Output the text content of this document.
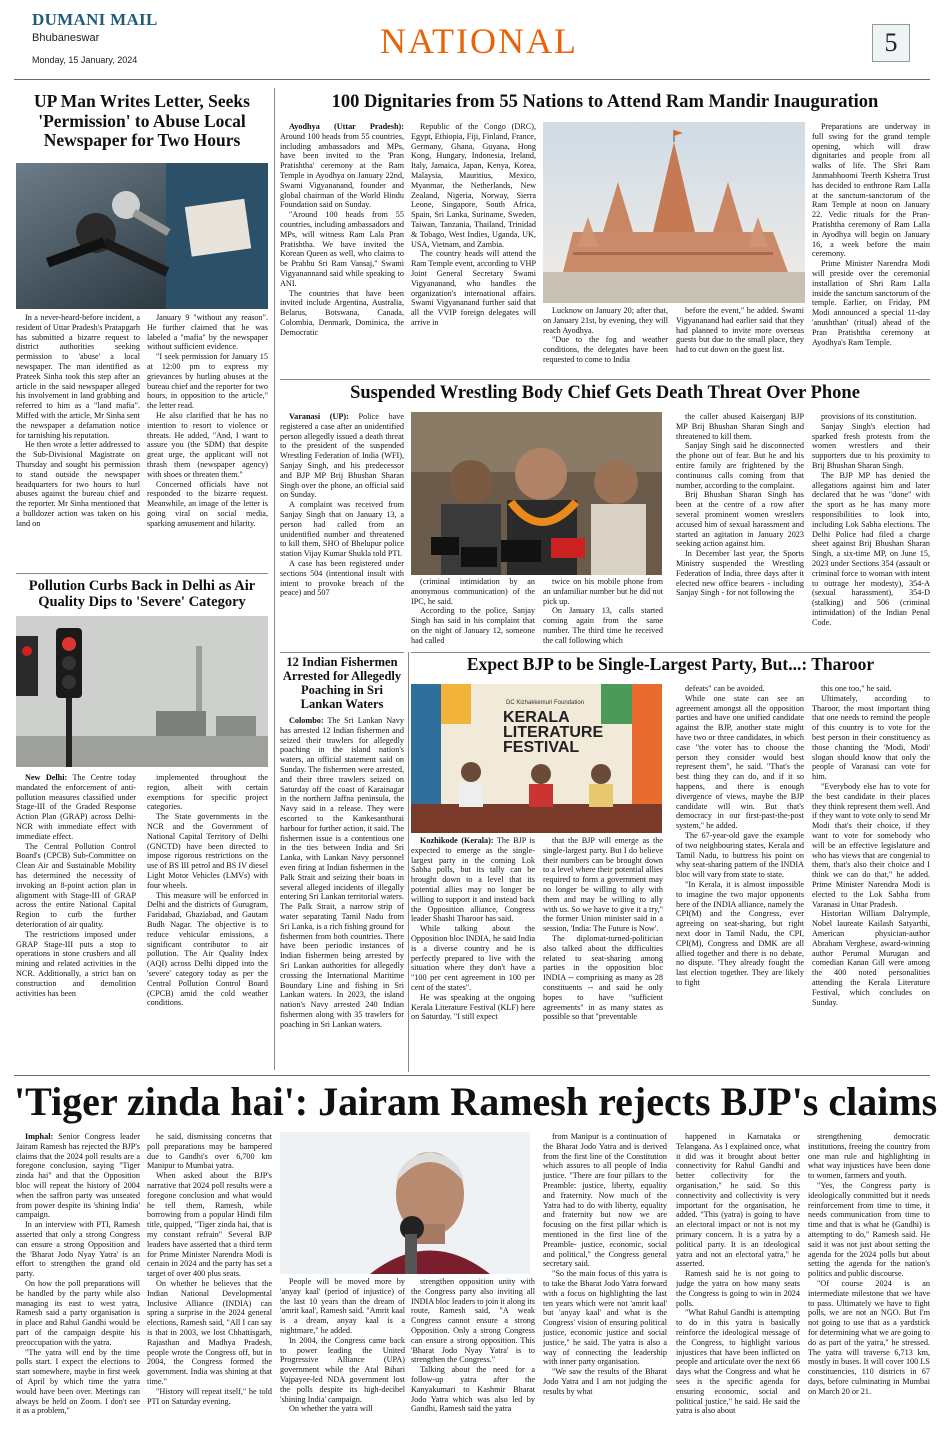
DUMANI MAIL
Bhubaneswar
Monday, 15 January, 2024	NATIONAL	5
UP Man Writes Letter, Seeks 'Permission' to Abuse Local Newspaper for Two Hours

In a never-heard-before incident, a resident of Uttar Pradesh's Pratapgarh has submitted a bizarre request to district authorities seeking permission to 'abuse' a local newspaper. The man identified as Prateek Sinha took this step after an article in the said newspaper alleged his involvement in land grabbing and referred to him as a "land mafia". Miffed with the article, Mr Sinha sent the newspaper a defamation notice for tarnishing his reputation.

He then wrote a letter addressed to the Sub-Divisional Magistrate on Thursday and sought his permission to stand outside the newspaper headquarters for two hours to hurl abuses against the bureau chief and the reporter. Mr Sinha mentioned that a bulldozer action was taken on his land on

January 9 "without any reason". He further claimed that he was labeled a "mafia" by the newspaper without sufficient evidence.

"I seek permission for January 15 at 12:00 pm to express my grievances by hurling abuses at the bureau chief and the reporter for two hours, in opposition to the article," the letter read.

He also clarified that he has no intention to resort to violence or threats. He added, "And, I want to assure you (the SDM) that despite great urge, the applicant will not thrash them (newspaper agency) with shoes or threaten them."

Concerned officials have not responded to the bizarre request. Meanwhile, an image of the letter is going viral on social media, sparking amusement and hilarity.

Pollution Curbs Back in Delhi as Air Quality Dips to 'Severe' Category

New Delhi: The Centre today mandated the enforcement of anti-pollution measures classified under Stage-III of the Graded Response Action Plan (GRAP) across Delhi-NCR with immediate effect with immediate effect.

The Central Pollution Control Board's (CPCB) Sub-Committee on Clean Air and Sustainable Mobility has determined the necessity of invoking an 8-point action plan in alignment with Stage-III of GRAP across the entire National Capital Region to curb the further deterioration of air quality.

The restrictions imposed under GRAP Stage-III puts a stop to operations in stone crushers and all mining and related activities in the NCR. Additionally, a strict ban on construction and demolition activities has been

implemented throughout the region, albeit with certain exemptions for specific project categories.

The State governments in the NCR and the Government of National Capital Territory of Delhi (GNCTD) have been directed to impose rigorous restrictions on the use of BS III petrol and BS IV diesel Light Motor Vehicles (LMVs) with four wheels.

This measure will be enforced in Delhi and the districts of Gurugram, Faridabad, Ghaziabad, and Gautam Budh Nagar. The objective is to reduce vehicular emissions, a significant contributor to air pollution. The Air Quality Index (AQI) across Delhi dipped into the 'severe' category today as per the Central Pollution Control Board (CPCB) amid the cold weather conditions.

100 Dignitaries from 55 Nations to Attend Ram Mandir Inauguration

Ayodhya (Uttar Pradesh): Around 100 heads from 55 countries, including ambassadors and MPs, have been invited to the 'Pran Pratishtha' ceremony at the Ram Temple in Ayodhya on January 22nd, Swami Vigyananand, founder and global chairman of the World Hindu Foundation said on Sunday.

"Around 100 heads from 55 countries, including ambassadors and MPs, will witness Ram Lala Pran Pratishtha. We have invited the Korean Queen as well, who claims to be Prabhu Sri Ram Vansaj," Swami Vigyanannand said while speaking to ANI.

The countries that have been invited include Argentina, Australia, Belarus, Botswana, Canada, Colombia, Denmark, Dominica, the Democratic

Republic of the Congo (DRC), Egypt, Ethiopia, Fiji, Finland, France, Germany, Ghana, Guyana, Hong Kong, Hungary, Indonesia, Ireland, Italy, Jamaica, Japan, Kenya, Korea, Malaysia, Mauritius, Mexico, Myanmar, the Netherlands, New Zealand, Nigeria, Norway, Sierra Leone, Singapore, South Africa, Spain, Sri Lanka, Suriname, Sweden, Taiwan, Tanzania, Thailand, Trinidad & Tobago, West Indies, Uganda, UK, USA, Vietnam, and Zambia.

The country heads will attend the Ram Temple event, according to VHP Joint General Secretary Swami Vigyananand, who handles the organization's international affairs. Swami Vigyananand further said that all the VVIP foreign delegates will arrive in

Lucknow on January 20; after that, on January 21st, by evening, they will reach Ayodhya.

"Due to the fog and weather conditions, the delegates have been requested to come to India

before the event," he added. Swami Vigyananand had earlier said that they had planned to invite more overseas guests but due to the small place, they had to cut down on the guest list.

Preparations are underway in full swing for the grand temple opening, which will draw dignitaries and people from all walks of life. The Shri Ram Janmabhoomi Teerth Kshetra Trust has decided to enthrone Ram Lalla at the sanctum-sanctorum of the Ram Temple at noon on January 22. Vedic rituals for the Pran-Pratishtha ceremony of Ram Lalla in Ayodhya will begin on January 16, a week before the main ceremony.

Prime Minister Narendra Modi will preside over the ceremonial installation of Shri Ram Lalla inside the sanctum sanctorum of the temple. Earlier, on Friday, PM Modi announced a special 11-day 'anushthan' (ritual) ahead of the Pran Pratishtha ceremony at Ayodhya's Ram Temple.

Suspended Wrestling Body Chief Gets Death Threat Over Phone

Varanasi (UP): Police have registered a case after an unidentified person allegedly issued a death threat to the president of the suspended Wrestling Federation of India (WFI), Sanjay Singh, and his predecessor and BJP MP Brij Bhushan Sharan Singh over the phone, an official said on Sunday.

A complaint was received from Sanjay Singh that on January 13, a person had called from an unidentified number and threatened to kill them, SHO of Bhelupur police station Vijay Kumar Shukla told PTI.

A case has been registered under sections 504 (intentional insult with intent to provoke breach of the peace) and 507

(criminal intimidation by an anonymous communication) of the IPC, he said.

According to the police, Sanjay Singh has said in his complaint that on the night of January 12, someone had called

twice on his mobile phone from an unfamiliar number but he did not pick up.

On January 13, calls started coming again from the same number. The third time he received the call following which

the caller abused Kaiserganj BJP MP Brij Bhushan Sharan Singh and threatened to kill them.

Sanjay Singh said he disconnected the phone out of fear. But he and his entire family are frightened by the continuous calls coming from that number, according to the complaint.

Brij Bhushan Sharan Singh has been at the centre of a row after several prominent women wrestlers accused him of sexual harassment and started an agitation in January 2023 seeking action against him.

In December last year, the Sports Ministry suspended the Wrestling Federation of India, three days after it elected new office bearers - including Sanjay Singh - for not following the

provisions of its constitution.

Sanjay Singh's election had sparked fresh protests from the women wrestlers and their supporters due to his proximity to Brij Bhushan Sharan Singh.

The BJP MP has denied the allegations against him and later declared that he was "done" with the sport as he has many more responsibilities to look into, including Lok Sabha elections. The Delhi Police had filed a charge sheet against Brij Bhushan Sharan Singh, a six-time MP, on June 15, 2023 under Sections 354 (assault or criminal force to woman with intent to outrage her modesty), 354-A (sexual harassment), 354-D (stalking) and 506 (criminal intimidation) of the Indian Penal Code.

12 Indian Fishermen Arrested for Allegedly Poaching in Sri Lankan Waters

Colombo: The Sri Lankan Navy has arrested 12 Indian fishermen and seized their trawlers for allegedly poaching in the island nation's waters, an official statement said on Sunday. The fishermen were arrested, and their three trawlers seized on Saturday off the coast of Karainagar in the northern Jaffna peninsula, the Navy said in a release. They were escorted to the Kankesanthurai harbour for further action, it said. The fishermen issue is a contentious one in the ties between India and Sri Lanka, with Lankan Navy personnel even firing at Indian fishermen in the Palk Strait and seizing their boats in several alleged incidents of illegally entering Sri Lankan territorial waters. The Palk Strait, a narrow strip of water separating Tamil Nadu from Sri Lanka, is a rich fishing ground for fishermen from both countries. There have been periodic instances of Indian fishermen being arrested by Sri Lankan authorities for allegedly crossing the International Maritime Boundary Line and fishing in Sri Lankan waters. In 2023, the island nation's Navy arrested 240 Indian fishermen along with 35 trawlers for poaching in Sri Lankan waters.

Expect BJP to be Single-Largest Party, But...: Tharoor
DC Kizhakkemuri Foundation
KERALA
LITERATURE
FESTIVAL

Kozhikode (Kerala): The BJP is expected to emerge as the single-largest party in the coming Lok Sabha polls, but its tally can be brought down to a level that its potential allies may no longer be willing to support it and instead back the Opposition alliance, Congress leader Shashi Tharoor has said.

While talking about the Opposition bloc INDIA, he said India is a diverse country and he is perfectly prepared to live with the situation where they don't have a "100 per cent agreement in 100 per cent of the states".

He was speaking at the ongoing Kerala Literature Festival (KLF) here on Saturday. "I still expect

that the BJP will emerge as the single-largest party. But I do believe their numbers can be brought down to a level where their potential allies required to form a government may no longer be willing to ally with them and may be willing to ally with us. So we have to give it a try," the former Union minister said in a session, 'India: The Future is Now'.

The diplomat-turned-politician also talked about the difficulties related to seat-sharing among parties in the opposition bloc INDIA -- comprising as many as 28 constituents -- and said he only hopes to have "sufficient agreements" in as many states as possible so that "preventable

defeats" can be avoided.

While one state can see an agreement amongst all the opposition parties and have one unified candidate against the BJP, another state might have two or three candidates, in which case "the voter has to choose the person they consider would best represent them", he said. "That's the best thing they can do, and if it so happens, and there is enough divergence of views, maybe the BJP candidate will win. But that's democracy in our first-past-the-post system," he added.

The 67-year-old gave the example of two neighbouring states, Kerala and Tamil Nadu, to buttress his point on why seat-sharing pattern of the INDIA bloc will vary from state to state.

"In Kerala, it is almost impossible to imagine the two major opponents here of the INDIA alliance, namely the CPI(M) and the Congress, ever agreeing on seat-sharing, but right next door in Tamil Nadu, the CPI, CPI(M), Congress and DMK are all allied together and there is no debate, no dispute. 'They already fought the last election together. They are likely to fight

this one too," he said.

Ultimately, according to Tharoor, the most important thing that one needs to remind the people of this country is to vote for the best person in their constituency as those chanting the 'Modi, Modi' slogan should know that only the people of Varanasi can vote for him.

"Everybody else has to vote for the best candidate in their places they think represent them well. And if they want to vote only to send Mr Modi that's their choice, if they want to vote for somebody who will be an effective legislature and who has views that are congenial to them, that's also their choice and I think we can do that," he added. Prime Minister Narendra Modi is elected to the Lok Sabha from Varanasi in Uttar Pradesh.

Historian William Dalrymple, Nobel laureate Kailash Satyarthi, American physician-author Abraham Verghese, award-winning author Perumal Murugan and comedian Kanan Gill were among the 400 noted personalities attending the Kerala Literature Festival, which concludes on Sunday.

'Tiger zinda hai': Jairam Ramesh rejects BJP's claims

Imphal: Senior Congress leader Jairam Ramesh has rejected the BJP's claims that the 2024 poll results are a foregone conclusion, saying "Tiger zinda hai" and that the Opposition bloc will repeat the history of 2004 when the saffron party was unseated from power despite its 'shining India' campaign.

In an interview with PTI, Ramesh asserted that only a strong Congress can ensure a strong Opposition and the 'Bharat Jodo Nyay Yatra' is an effort to strengthen the grand old party.

On how the poll preparations will be handled by the party while also managing its east to west yatra, Ramesh said a party organisation is in place and Rahul Gandhi would be part of the campaign despite his preoccupation with the yatra.

"The yatra will end by the time polls start. I expect the elections to start somewhere, maybe in first week of April by which time the yatra would have been over. Meetings can always be held on Zoom. I don't see it as a problem,"

he said, dismissing concerns that poll preparations may be hampered due to Gandhi's over 6,700 km Manipur to Mumbai yatra.

When asked about the BJP's narrative that 2024 poll results were a foregone conclusion and what would he tell them, Ramesh, while borrowing from a popular Hindi film title, quipped, "Tiger zinda hai, that is my constant refrain" Several BJP leaders have asserted that a third term for Prime Minister Narendra Modi is certain in 2024 and the party has set a target of over 400 plus seats.

On whether he believes that the Indian National Developmental Inclusive Alliance (INDIA) can spring a surprise in the 2024 general elections, Ramesh said, "All I can say is that in 2003, we lost Chhattisgarh, Rajasthan and Madhya Pradesh, people wrote the Congress off, but in 2004, the Congress formed the government. India was shining at that time."

"History will repeat itself," he told PTI on Saturday evening.

People will be moved more by 'anyay kaal' (period of injustice) of the last 10 years than the dream of 'amrit kaal', Ramesh said. "Amrit kaal is a dream, anyay kaal is a nightmare," he added.

In 2004, the Congress came back to power leading the United Progressive Alliance (UPA) government while the Atal Bihari Vajpayee-led NDA government lost the polls despite its high-decibel 'shining India' campaign.

On whether the yatra will

strengthen opposition unity with the Congress party also inviting all INDIA bloc leaders to join it along its route, Ramesh said, "A weak Congress cannot ensure a strong Opposition. Only a strong Congress can ensure a strong opposition. This 'Bharat Jodo Nyay Yatra' is to strengthen the Congress."

Talking about the need for a follow-up yatra after the Kanyakumari to Kashmir Bharat Jodo Yatra which was also led by Gandhi, Ramesh said the yatra

from Manipur is a continuation of the Bharat Jodo Yatra and is derived from the first line of the Constitution which assures to all people of India justice. "There are four pillars to the Preamble: justice, liberty, equality and fraternity. Now much of the Yatra had to do with liberty, equality and fraternity but now we are focusing on the first pillar which is mentioned in the first line of the Preamble- justice, economic, social and political," the Congress general secretary said.

"So the main focus of this yatra is to take the Bharat Jodo Yatra forward with a focus on highlighting the last ten years which were not 'amrit kaal' but 'anyay kaal' and what is the Congress' vision of ensuring political justice, economic justice and social justice," he said. The yatra is also a way of connecting the leadership with inner party organisation.

"We saw the results of the Bharat Jodo Yatra and I am not judging the results by what

happened in Karnataka or Telangana. As I explained once, what it did was it brought about better connectivity for Rahul Gandhi and better collectivity for the organisation," he said. So this connectivity and collectivity is very important for the organisation, he added. "This (yatra) is going to have an electoral impact or not is not my primary concern. It is a yatra by a political party. It is an ideological yatra and not an electoral yatra," he asserted.

Ramesh said he is not going to judge the yatra on how many seats the Congress is going to win in 2024 polls.

"What Rahul Gandhi is attempting to do in this yatra is basically reinforce the ideological message of the Congress, to highlight various injustices that have been inflicted on people and articulate over the next 66 days what the Congress and what he sees is the specific agenda for ensuring economic, social and political justice," he said. He said the yatra is also about

strengthening democratic institutions, freeing the country from one man rule and highlighting in what way injustices have been done to women, farmers and youth.

"Yes, the Congress party is ideologically committed but it needs reinforcement from time to time, it needs communication from time to time and that is what he (Gandhi) is attempting to do," Ramesh said. He said it was not just about setting the agenda for the 2024 polls but about setting the agenda for the nation's politics and public discourse.

"Of course 2024 is an intermediate milestone that we have to pass. Ultimately we have to fight polls, we are not an NGO. But I'm not going to use that as a yardstick for determining what we are going to do as part of the yatra," he stressed. The yatra will traverse 6,713 km, mostly in buses. It will cover 100 LS constituencies, 110 districts in 67 days, before culminating in Mumbai on March 20 or 21.
